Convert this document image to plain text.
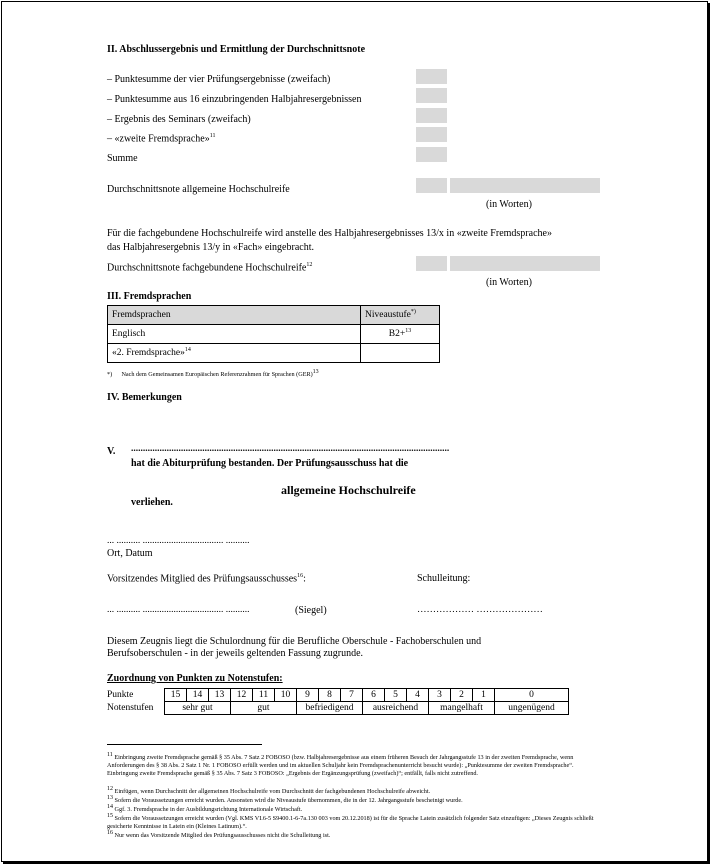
II. Abschlussergebnis und Ermittlung der Durchschnittsnote
– Punktesumme der vier Prüfungsergebnisse (zweifach)
– Punktesumme aus 16 einzubringenden Halbjahresergebnissen
– Ergebnis des Seminars (zweifach)
– «zweite Fremdsprache»$^{11}$
Summe
Durchschnittsnote allgemeine Hochschulreife
(in Worten)
Für die fachgebundene Hochschulreife wird anstelle des Halbjahresergebnisses 13/x in «zweite Fremdsprache»
das Halbjahresergebnis 13/y in «Fach» eingebracht.
Durchschnittsnote fachgebundene Hochschulreife$^{12}$
(in Worten)
III. Fremdsprachen
Fremdsprachen	Niveaustufe*)
Englisch	B2+$^{13}$
«2. Fremdsprache»$^{14}$	
*) Nach dem Gemeinsamen Europäischen Referenzrahmen für Sprachen (GER)$^{13}$
IV. Bemerkungen
V. ......................................................................................................................................
hat die Abiturprüfung bestanden. Der Prüfungsausschuss hat die
allgemeine Hochschulreife
verliehen.
... .......... .................................. ..........
Ort, Datum
Vorsitzendes Mitglied des Prüfungsausschusses$^{16}$:	Schulleitung:
... .......... .................................. ..........	(Siegel)	……………… …………………
Diesem Zeugnis liegt die Schulordnung für die Berufliche Oberschule - Fachoberschulen und
Berufsoberschulen - in der jeweils geltenden Fassung zugrunde.
Zuordnung von Punkten zu Notenstufen:
Punkte	15	14	13	12	11	10	9	8	7	6	5	4	3	2	1	0
Notenstufen	sehr gut			gut			befriedigend			ausreichend			mangelhaft			ungenügend
$^{11}$ Einbringung zweite Fremdsprache gemäß § 35 Abs. 7 Satz 2 FOBOSO (bzw. Halbjahresergebnisse aus einem früheren Besuch der Jahrgangsstufe 13 in der zweiten Fremdsprache, wenn Anforderungen des § 38 Abs. 2 Satz 1 Nr. 1 FOBOSO erfüllt werden und im aktuellen Schuljahr kein Fremdsprachenunterricht besucht wurde): „Punktesumme der zweiten Fremdsprache“. Einbringung zweite Fremdsprache gemäß § 35 Abs. 7 Satz 3 FOBOSO: „Ergebnis der Ergänzungsprüfung (zweifach)“; entfällt, falls nicht zutreffend.
$^{12}$ Einfügen, wenn Durchschnitt der allgemeinen Hochschulreife vom Durchschnitt der fachgebundenen Hochschulreife abweicht.
$^{13}$ Sofern die Voraussetzungen erreicht wurden. Ansonsten wird die Niveaustufe übernommen, die in der 12. Jahrgangsstufe bescheinigt wurde.
$^{14}$ Ggf. 3. Fremdsprache in der Ausbildungsrichtung Internationale Wirtschaft.
$^{15}$ Sofern die Voraussetzungen erreicht wurden (Vgl. KMS VI.6-5 S9400.1-6-7a.130 003 vom 20.12.2018) ist für die Sprache Latein zusätzlich folgender Satz einzufügen: „Dieses Zeugnis schließt gesicherte Kenntnisse in Latein ein (Kleines Latinum).“.
$^{16}$ Nur wenn das Vorsitzende Mitglied des Prüfungsausschusses nicht die Schulleitung ist.
